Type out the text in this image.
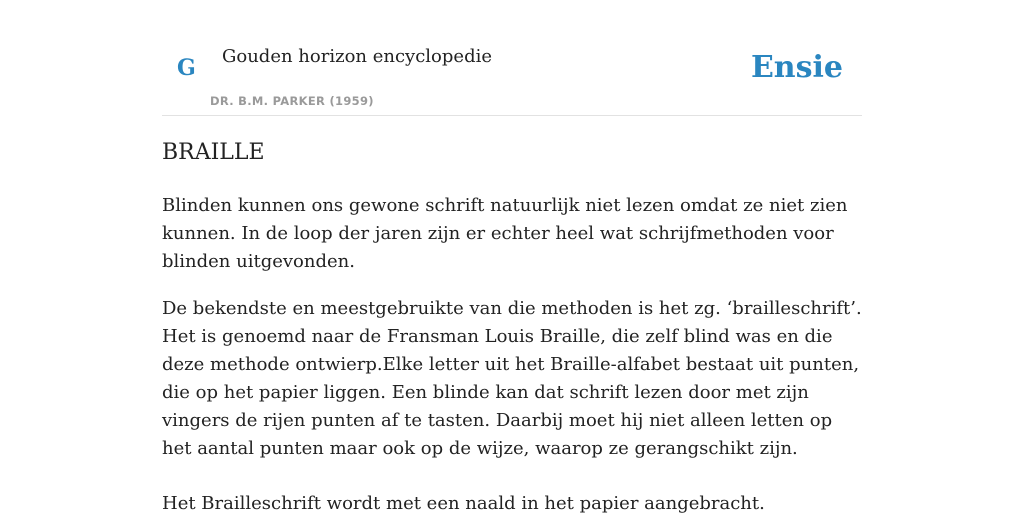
G Gouden horizon encyclopedie
DR. B.M. PARKER (1959)
Ensie
BRAILLE

Blinden kunnen ons gewone schrift natuurlijk niet lezen omdat ze niet zien kunnen. In de loop der jaren zijn er echter heel wat schrijfmethoden voor blinden uitgevonden.

De bekendste en meestgebruikte van die methoden is het zg. ‘brailleschrift’. Het is genoemd naar de Fransman Louis Braille, die zelf blind was en die deze methode ontwierp.Elke letter uit het Braille-alfabet bestaat uit punten, die op het papier liggen. Een blinde kan dat schrift lezen door met zijn vingers de rijen punten af te tasten. Daarbij moet hij niet alleen letten op het aantal punten maar ook op de wijze, waarop ze gerangschikt zijn.

Het Brailleschrift wordt met een naald in het papier aangebracht.
